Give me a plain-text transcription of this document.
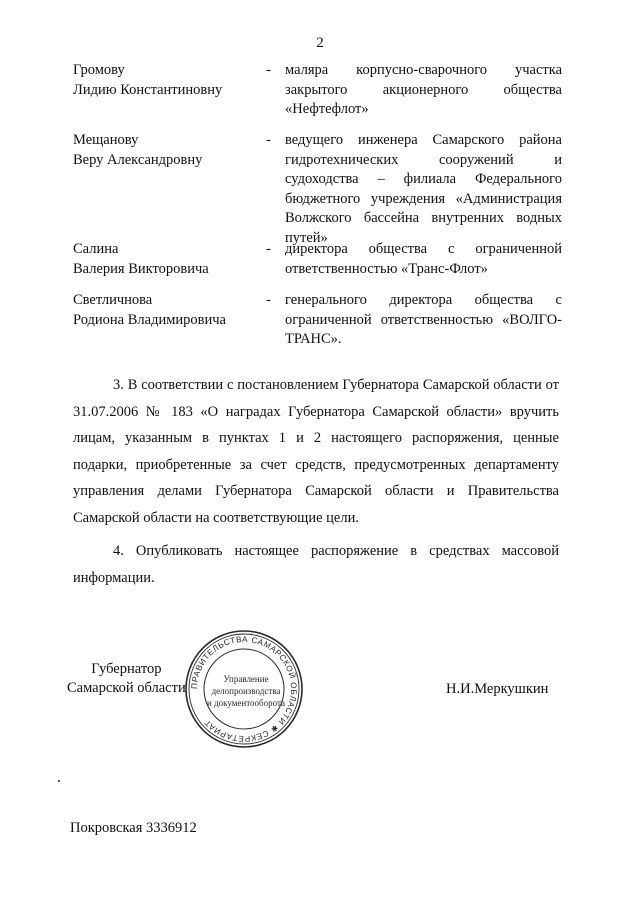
2
Громову
Лидию Константиновну
- маляра корпусно-сварочного участка закрытого акционерного общества «Нефтефлот»
Мещанову
Веру Александровну
- ведущего инженера Самарского района гидротехнических сооружений и судоходства – филиала Федерального бюджетного учреждения «Администрация Волжского бассейна внутренних водных путей»
Салина
Валерия Викторовича
- директора общества с ограниченной ответственностью «Транс-Флот»
Светличнова
Родиона Владимировича
- генерального директора общества с ограниченной ответственностью «ВОЛГО-ТРАНС».
3. В соответствии с постановлением Губернатора Самарской области от 31.07.2006 № 183 «О наградах Губернатора Самарской области» вручить лицам, указанным в пунктах 1 и 2 настоящего распоряжения, ценные подарки, приобретенные за счет средств, предусмотренных департаменту управления делами Губернатора Самарской области и Правительства Самарской области на соответствующие цели.
4. Опубликовать настоящее распоряжение в средствах массовой информации.
Губернатор
Самарской области ПРАВИТЕЛЬСТВА САМАРСКОЙ ОБЛАСТИ ✱ СЕКРЕТАРИАТ
Управление
делопроизводства
и документооборота
Н.И.Меркушкин
Покровская 3336912
